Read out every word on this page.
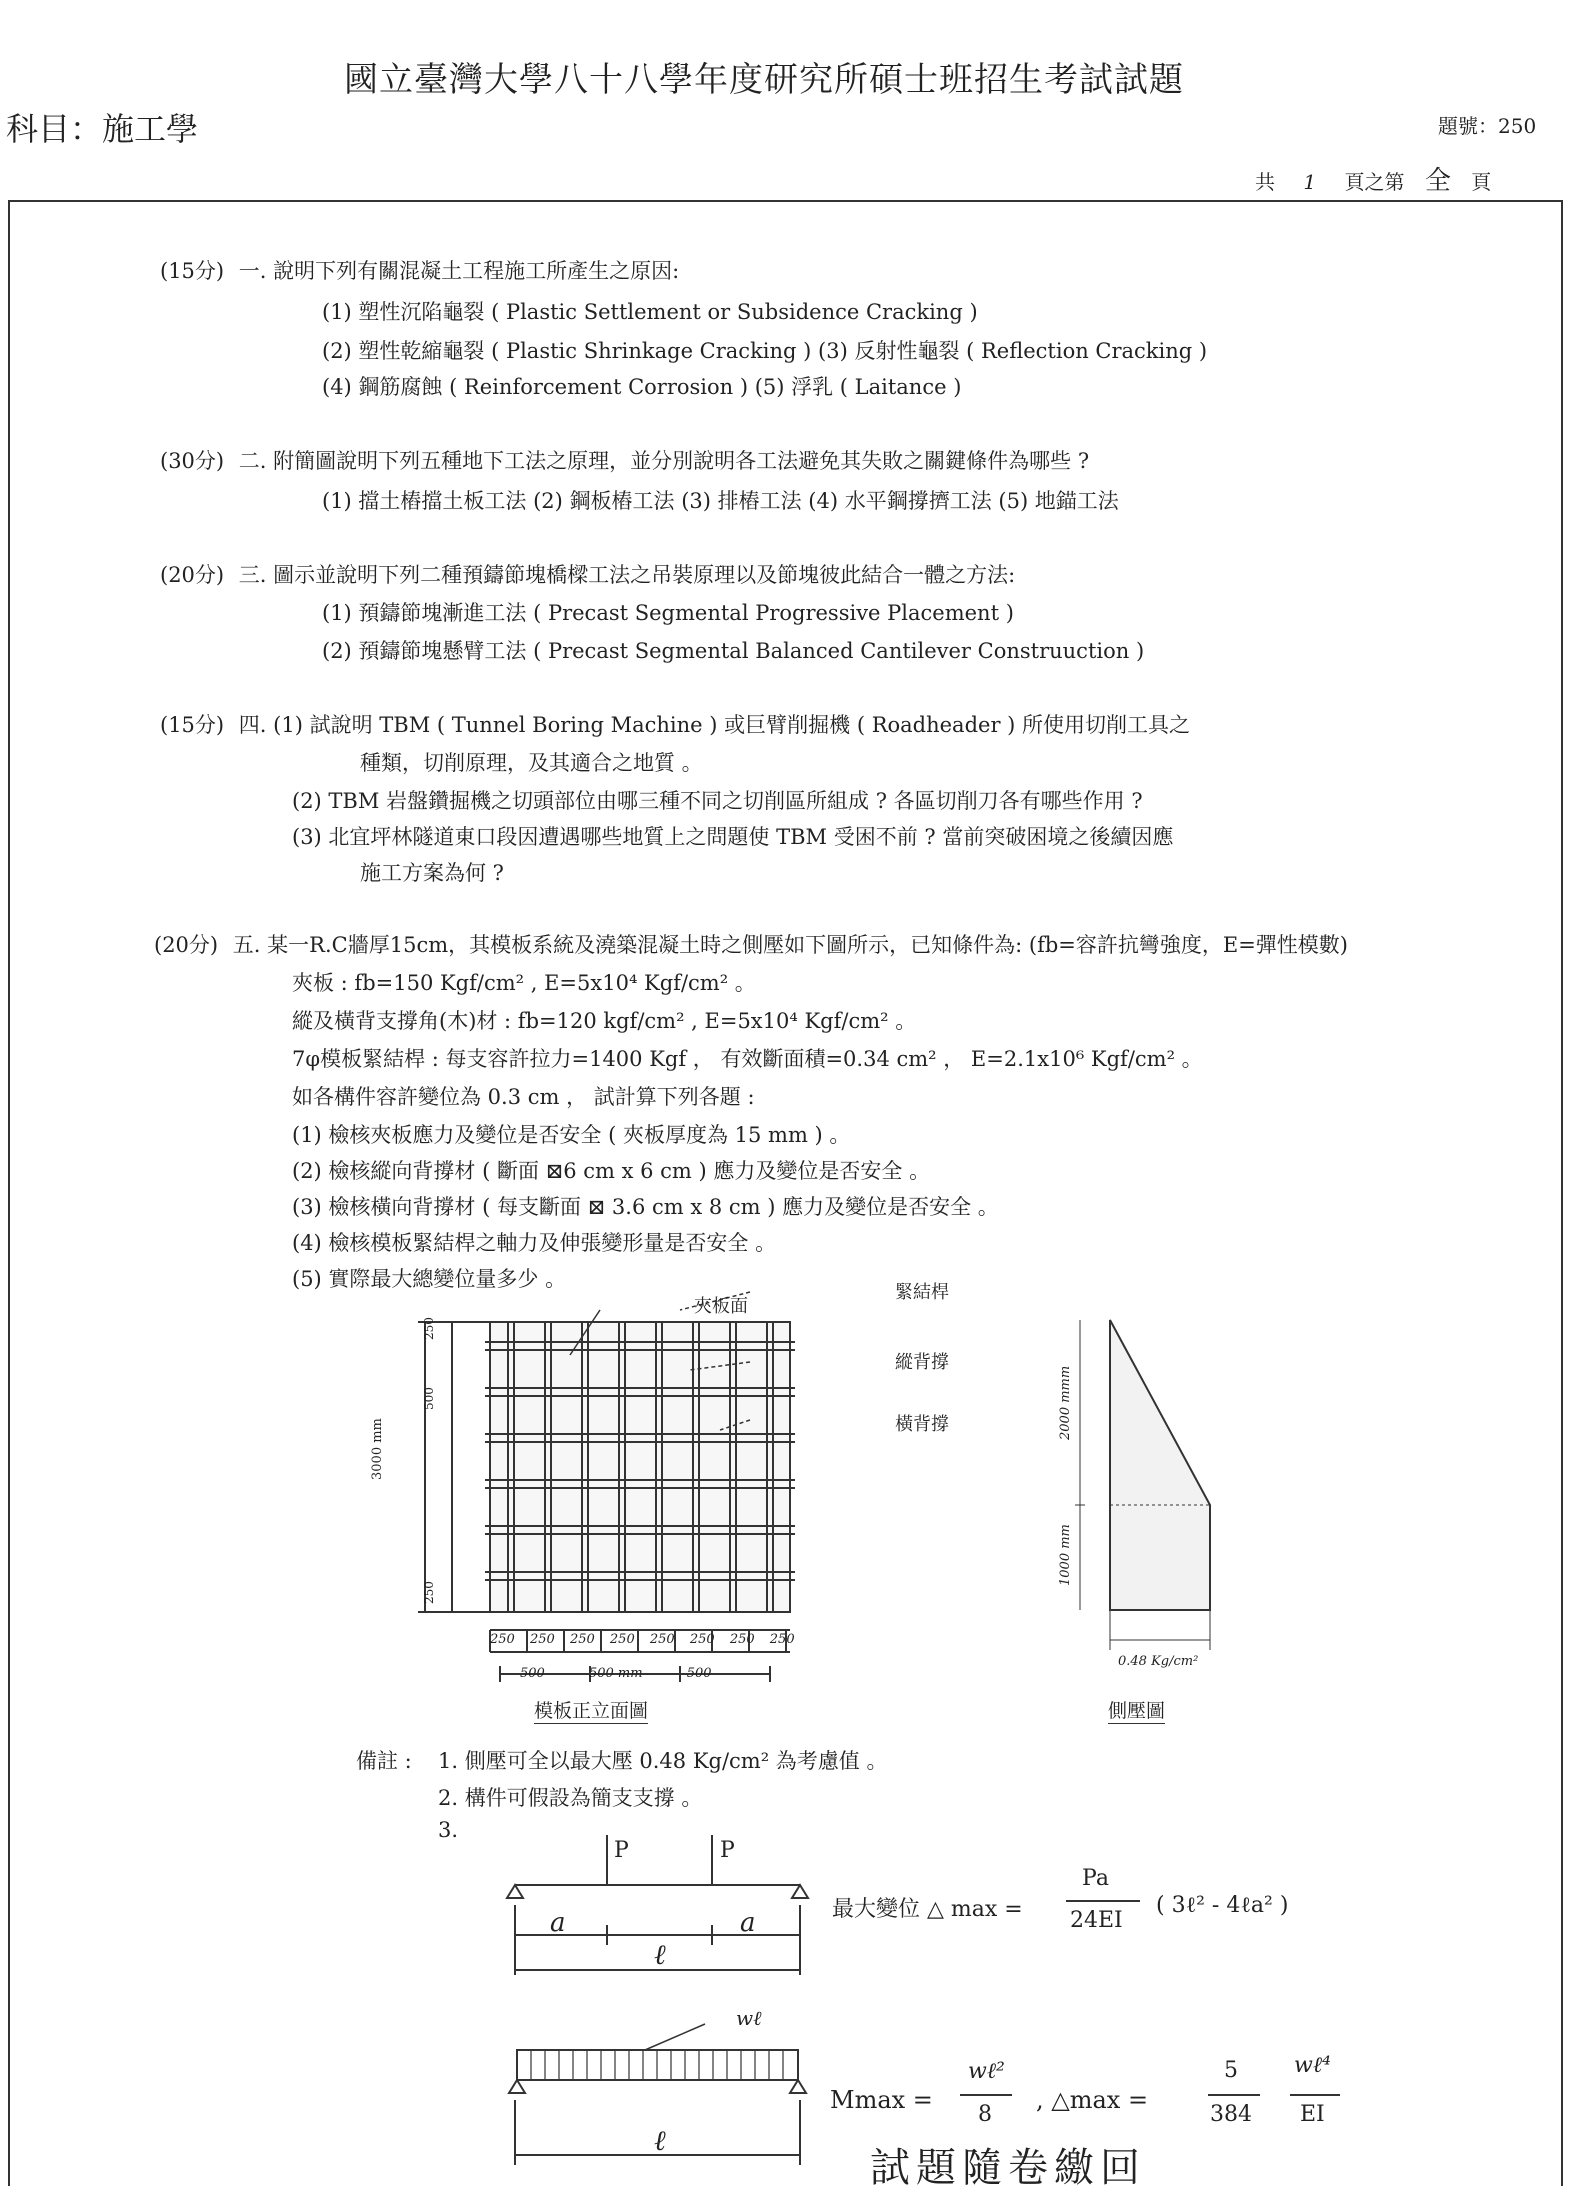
國立臺灣大學八十八學年度研究所碩士班招生考試試題
科目：施工學	題號：250
共 1 頁之第 全 頁
(15分) 一. 說明下列有關混凝土工程施工所產生之原因:
(1) 塑性沉陷龜裂 ( Plastic Settlement or Subsidence Cracking )
(2) 塑性乾縮龜裂 ( Plastic Shrinkage Cracking ) (3) 反射性龜裂 ( Reflection Cracking )
(4) 鋼筋腐蝕 ( Reinforcement Corrosion ) (5) 浮乳 ( Laitance )
(30分) 二. 附簡圖說明下列五種地下工法之原理，並分別說明各工法避免其失敗之關鍵條件為哪些 ?
(1) 擋土樁擋土板工法 (2) 鋼板樁工法 (3) 排樁工法 (4) 水平鋼撐擠工法 (5) 地錨工法
(20分) 三. 圖示並說明下列二種預鑄節塊橋樑工法之吊裝原理以及節塊彼此結合一體之方法:
(1) 預鑄節塊漸進工法 ( Precast Segmental Progressive Placement )
(2) 預鑄節塊懸臂工法 ( Precast Segmental Balanced Cantilever Construuction )
(15分) 四. (1) 試說明 TBM ( Tunnel Boring Machine ) 或巨臂削掘機 ( Roadheader ) 所使用切削工具之
種類，切削原理，及其適合之地質 。
(2) TBM 岩盤鑽掘機之切頭部位由哪三種不同之切削區所組成 ? 各區切削刀各有哪些作用 ?
(3) 北宜坪林隧道東口段因遭遇哪些地質上之問題使 TBM 受困不前 ? 當前突破困境之後續因應
施工方案為何 ?
(20分) 五. 某一R.C牆厚15cm，其模板系統及澆築混凝土時之側壓如下圖所示，已知條件為: (fb=容許抗彎強度，E=彈性模數)
夾板 : fb=150 Kgf/cm² , E=5x10⁴ Kgf/cm² 。
縱及橫背支撐角(木)材 : fb=120 kgf/cm² , E=5x10⁴ Kgf/cm² 。
7φ模板緊結桿 : 每支容許拉力=1400 Kgf ， 有效斷面積=0.34 cm² ， E=2.1x10⁶ Kgf/cm² 。
如各構件容許變位為 0.3 cm ， 試計算下列各題 :
(1) 檢核夾板應力及變位是否安全 ( 夾板厚度為 15 mm ) 。
(2) 檢核縱向背撐材 ( 斷面 ⊠6 cm x 6 cm ) 應力及變位是否安全 。
(3) 檢核橫向背撐材 ( 每支斷面 ⊠ 3.6 cm x 8 cm ) 應力及變位是否安全 。
(4) 檢核模板緊結桿之軸力及伸張變形量是否安全 。
(5) 實際最大總變位量多少 。
夾板面
緊結桿
縱背撐
橫背撐
3000 mm
250
250
500
250 250 250 250 250 250 250 250
500	500 mm	500
模板正立面圖
2000 mmm
1000 mm
0.48 Kg/cm²
側壓圖
備註 : 1. 側壓可全以最大壓 0.48 Kg/cm² 為考慮值 。
2. 構件可假設為簡支支撐 。
3.
P	P
a	a
ℓ
最大變位 △ max =
Pa
24EI
( 3ℓ² - 4ℓa² )
wℓ
ℓ
Mmax =
wℓ²
8
, △max =
5
384
wℓ⁴
EI
試題隨卷繳回
